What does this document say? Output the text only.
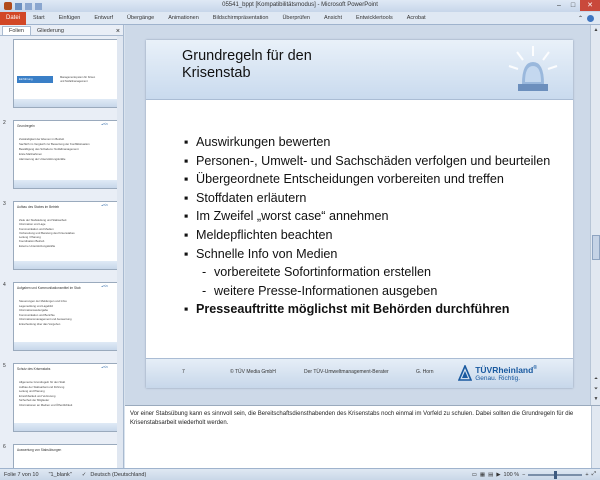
05541_bppt [Kompatibilitätsmodus] - Microsoft PowerPoint	–	□	✕
Datei	Start	Einfügen	Entwurf	Übergänge	Animationen	Bildschirmpräsentation	Überprüfen	Ansicht	Entwicklertools	Acrobat	⌃
Folien	Gliederung	×
Einführung	Managementsystem für Krisen
und Notfallmanagement
2	Grundregeln	▲TÜV
Zuständigkeit der Ebenen im Betrieb
Sachlich im Vergleich zur Bewertung der Konfliktsituation
Bewältigung des Schadens: Notfallmanagement
Erste Maßnahmen
Alarmierung der Unterstützungskräfte
3	Aufbau des Stabes im Betrieb	▲TÜV
Ziele der Stabsleitung und Stabsarbeit
Information und Lage
Kommunikation und Medien
Vorbereitung und Beratung des Krisenstabes
Leitung / Planung
Koordination Betrieb
Externe Unterstützungskräfte
4	Aufgaben und Kommunikationsmittel im Stab	▲TÜV
Steuerungen der Meldungen und Infos
Lagemeldung und Lagebild
Informationsweitergabe
Kommunikation und Berichte
Informationsmanagement und Auswertung
Entscheidung über das Vorgehen
5	Schutz des Krisenstabs	▲TÜV
Allgemeine Grundregeln für den Stab
Aufbau der Stabsarbeit und Führung
Leitung und Planung
Erreichbarkeit und Vertretung
Sicherheit der Mitglieder
Informationen an Medien und Öffentlichkeit
6	Auswertung von Stabsübungen
Grundregeln für den
Krisenstab
▪ Auswirkungen bewerten
▪ Personen-, Umwelt- und Sachschäden verfolgen und beurteilen
▪ Übergeordnete Entscheidungen vorbereiten und treffen
▪ Stoffdaten erläutern
▪ Im Zweifel „worst case“ annehmen
▪ Meldepflichten beachten
▪ Schnelle Info von Medien
- vorbereitete Sofortinformation erstellen
- weitere Presse-Informationen ausgeben
▪ Presseauftritte möglichst mit Behörden durchführen
7	© TÜV Media GmbH	Der TÜV-Umweltmanagement-Berater	G. Horn	TÜVRheinland®
Genau. Richtig.
▲
⏶
⏷
▼
Vor einer Stabsübung kann es sinnvoll sein, die Bereitschaftsdiensthabenden des Krisenstabs noch einmal im Vorfeld zu schulen. Dabei sollten die Grundregeln für die Krisenstabsarbeit wiederholt werden.
Folie 7 von 10 "1_blank" ✓ Deutsch (Deutschland)	▭ ▦ ▤ ▶ 100 % −	+ ⤢
